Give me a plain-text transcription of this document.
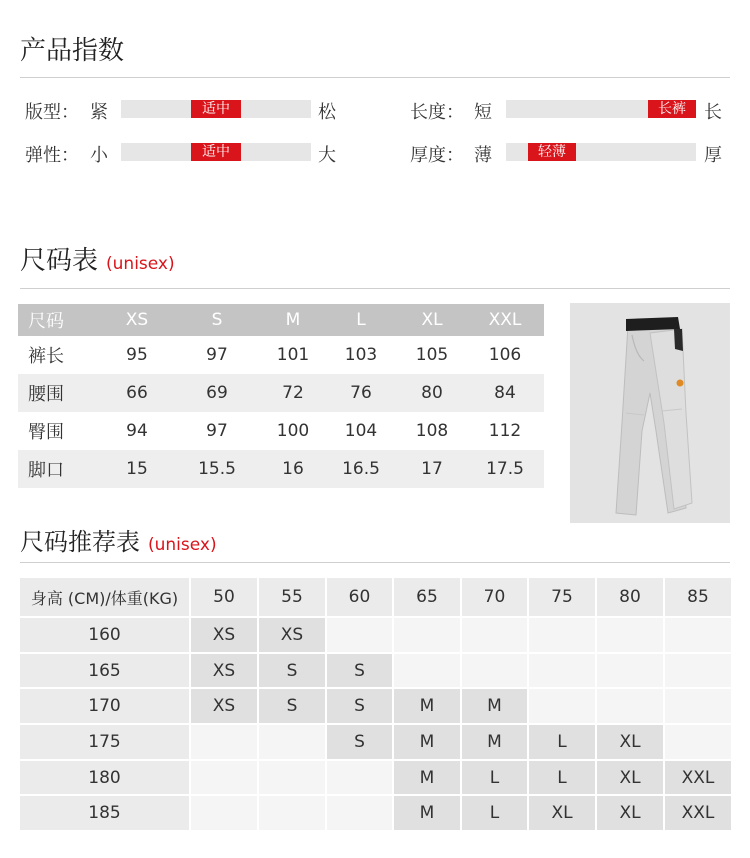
产品指数
版型： 紧	适中	松	长度： 短	长裤	长
弹性： 小	适中	大	厚度： 薄	轻薄	厚
尺码表 (unisex)
尺码	XS	S	M	L	XL	XXL
裤长	95	97	101	103	105	106
腰围	66	69	72	76	80	84
臀围	94	97	100	104	108	112
脚口	15	15.5	16	16.5	17	17.5
尺码推荐表 (unisex)
身高 (CM)/体重(KG)	50	55	60	65	70	75	80	85
160	XS	XS						
165	XS	S	S					
170	XS	S	S	M	M			
175			S	M	M	L	XL	
180				M	L	L	XL	XXL
185				M	L	XL	XL	XXL
